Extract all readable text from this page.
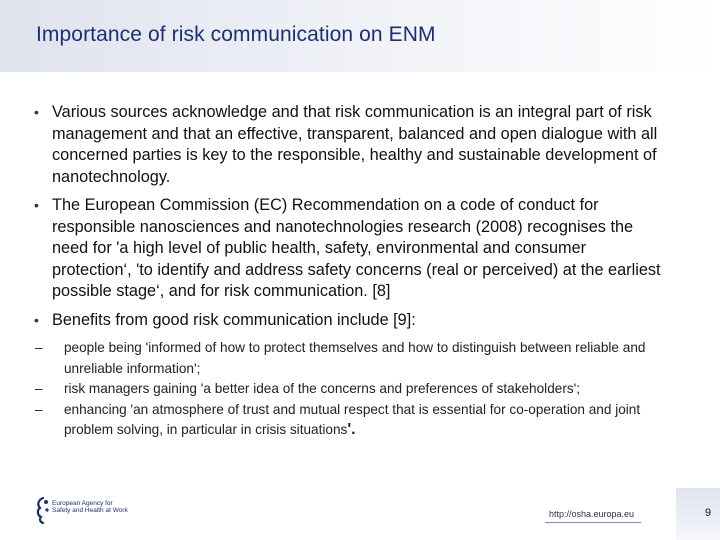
Importance of risk communication on ENM
• Various sources acknowledge and that risk communication is an integral part of risk management and that an effective, transparent, balanced and open dialogue with all concerned parties is key to the responsible, healthy and sustainable development of nanotechnology.
• The European Commission (EC) Recommendation on a code of conduct for responsible nanosciences and nanotechnologies research (2008) recognises the need for 'a high level of public health, safety, environmental and consumer protection‘, 'to identify and address safety concerns (real or perceived) at the earliest possible stage‘, and for risk communication. [8]
• Benefits from good risk communication include [9]:
– people being 'informed of how to protect themselves and how to distinguish between reliable and unreliable information';
– risk managers gaining 'a better idea of the concerns and preferences of stakeholders';
– enhancing 'an atmosphere of trust and mutual respect that is essential for co-operation and joint problem solving, in particular in crisis situations'.
European Agency for Safety and Health at Work	http://osha.europa.eu	9
